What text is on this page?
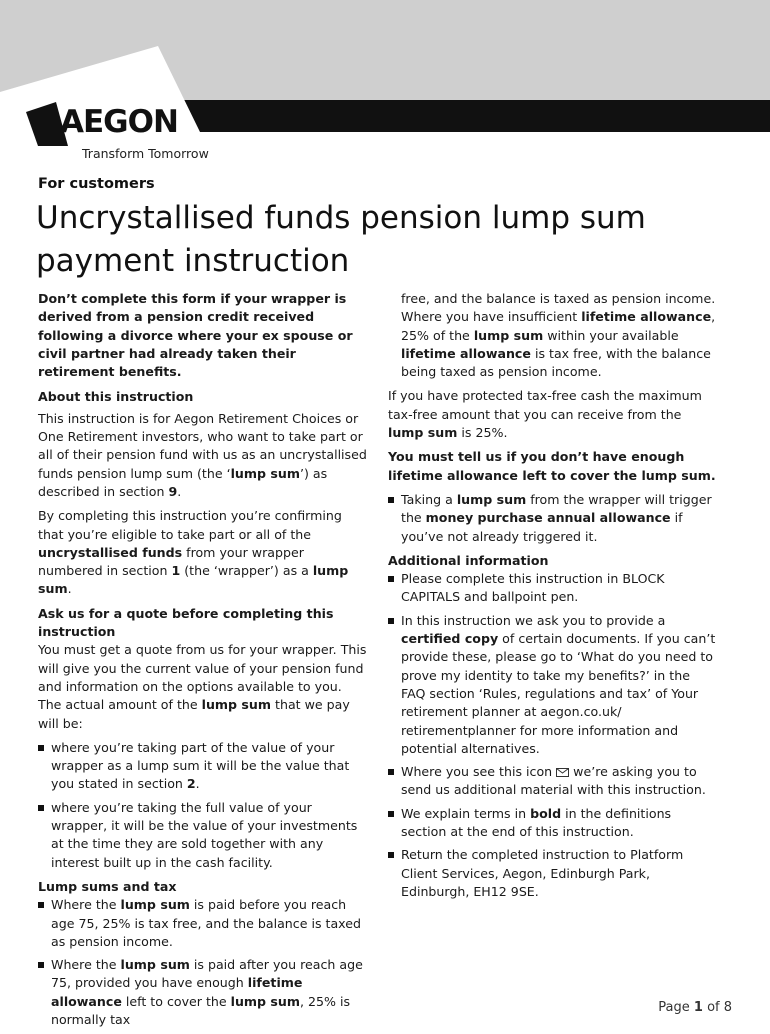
AEGON
Transform Tomorrow
For customers
Uncrystallised funds pension lump sum payment instruction

Don’t complete this form if your wrapper is derived from a pension credit received following a divorce where your ex spouse or civil partner had already taken their retirement benefits.

About this instruction

This instruction is for Aegon Retirement Choices or One Retirement investors, who want to take part or all of their pension fund with us as an uncrystallised funds pension lump sum (the ‘lump sum’) as described in section 9.

By completing this instruction you’re confirming that you’re eligible to take part or all of the uncrystallised funds from your wrapper numbered in section 1 (the ‘wrapper’) as a lump sum.

Ask us for a quote before completing this instruction

You must get a quote from us for your wrapper. This will give you the current value of your pension fund and information on the options available to you. The actual amount of the lump sum that we pay will be:

where you’re taking part of the value of your wrapper as a lump sum it will be the value that you stated in section 2.
where you’re taking the full value of your wrapper, it will be the value of your investments at the time they are sold together with any interest built up in the cash facility.
Lump sums and tax
Where the lump sum is paid before you reach age 75, 25% is tax free, and the balance is taxed as pension income.
Where the lump sum is paid after you reach age 75, provided you have enough lifetime allowance left to cover the lump sum, 25% is normally tax

free, and the balance is taxed as pension income. Where you have insufficient lifetime allowance, 25% of the lump sum within your available lifetime allowance is tax free, with the balance being taxed as pension income.

If you have protected tax-free cash the maximum tax-free amount that you can receive from the lump sum is 25%.

You must tell us if you don’t have enough lifetime allowance left to cover the lump sum.

Taking a lump sum from the wrapper will trigger the money purchase annual allowance if you’ve not already triggered it.
Additional information
Please complete this instruction in BLOCK CAPITALS and ballpoint pen.
In this instruction we ask you to provide a certified copy of certain documents. If you can’t provide these, please go to ‘What do you need to prove my identity to take my benefits?’ in the FAQ section ‘Rules, regulations and tax’ of Your retirement planner at aegon.co.uk/ retirementplanner for more information and potential alternatives.
Where you see this icon  we’re asking you to send us additional material with this instruction.
We explain terms in bold in the definitions section at the end of this instruction.
Return the completed instruction to Platform Client Services, Aegon, Edinburgh Park, Edinburgh, EH12 9SE.
Page 1 of 8
